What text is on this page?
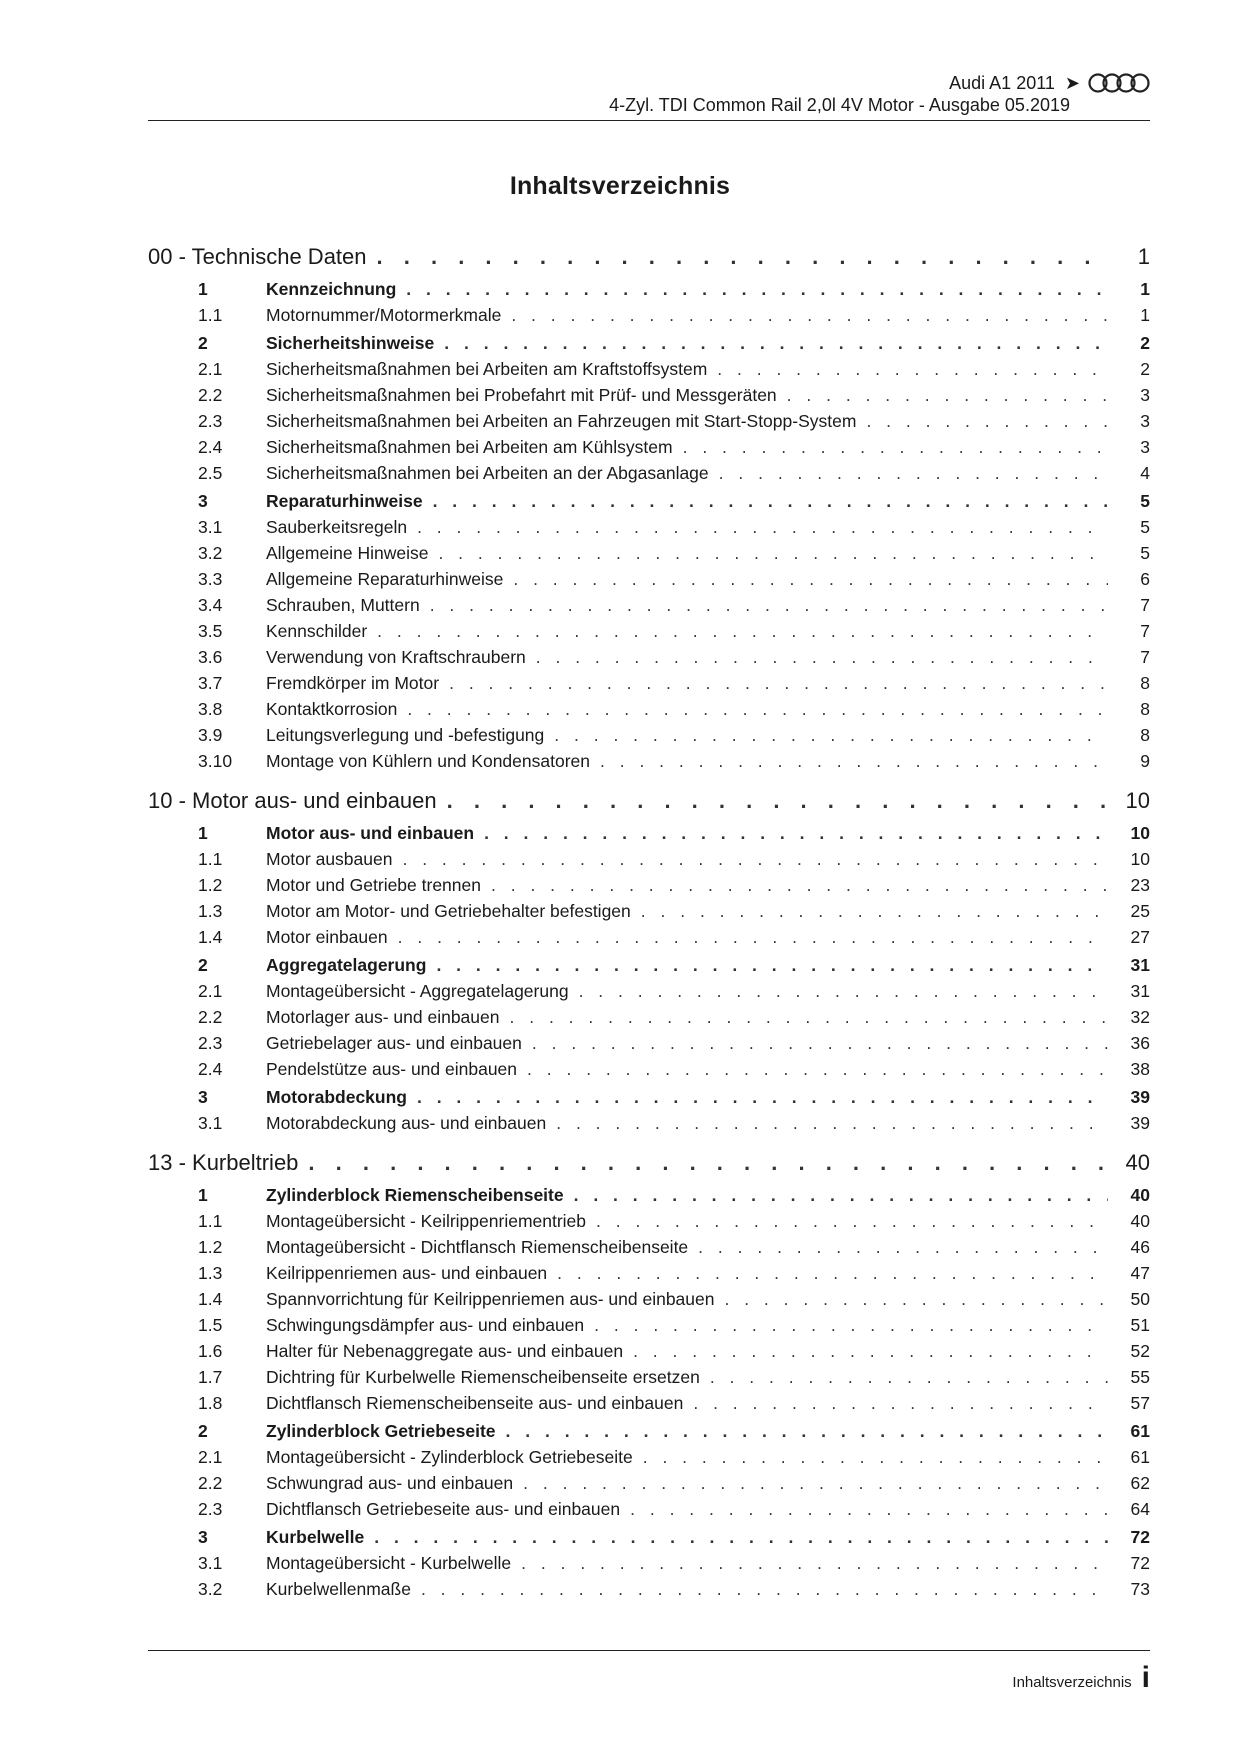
Audi A1 2011 ➤
4-Zyl. TDI Common Rail 2,0l 4V Motor - Ausgabe 05.2019
Inhaltsverzeichnis
00 - Technische Daten . . .	1
1	Kennzeichnung . . .	1
1.1	Motornummer/Motormerkmale . . .	1
2	Sicherheitshinweise . . .	2
2.1	Sicherheitsmaßnahmen bei Arbeiten am Kraftstoffsystem . . .	2
2.2	Sicherheitsmaßnahmen bei Probefahrt mit Prüf- und Messgeräten . . .	3
2.3	Sicherheitsmaßnahmen bei Arbeiten an Fahrzeugen mit Start-Stopp-System . . .	3
2.4	Sicherheitsmaßnahmen bei Arbeiten am Kühlsystem . . .	3
2.5	Sicherheitsmaßnahmen bei Arbeiten an der Abgasanlage . . .	4
3	Reparaturhinweise . . .	5
3.1	Sauberkeitsregeln . . .	5
3.2	Allgemeine Hinweise . . .	5
3.3	Allgemeine Reparaturhinweise . . .	6
3.4	Schrauben, Muttern . . .	7
3.5	Kennschilder . . .	7
3.6	Verwendung von Kraftschraubern . . .	7
3.7	Fremdkörper im Motor . . .	8
3.8	Kontaktkorrosion . . .	8
3.9	Leitungsverlegung und -befestigung . . .	8
3.10	Montage von Kühlern und Kondensatoren . . .	9
10 - Motor aus- und einbauen . . .	10
1	Motor aus- und einbauen . . .	10
1.1	Motor ausbauen . . .	10
1.2	Motor und Getriebe trennen . . .	23
1.3	Motor am Motor- und Getriebehalter befestigen . . .	25
1.4	Motor einbauen . . .	27
2	Aggregatelagerung . . .	31
2.1	Montageübersicht - Aggregatelagerung . . .	31
2.2	Motorlager aus- und einbauen . . .	32
2.3	Getriebelager aus- und einbauen . . .	36
2.4	Pendelstütze aus- und einbauen . . .	38
3	Motorabdeckung . . .	39
3.1	Motorabdeckung aus- und einbauen . . .	39
13 - Kurbeltrieb . . .	40
1	Zylinderblock Riemenscheibenseite . . .	40
1.1	Montageübersicht - Keilrippenriementrieb . . .	40
1.2	Montageübersicht - Dichtflansch Riemenscheibenseite . . .	46
1.3	Keilrippenriemen aus- und einbauen . . .	47
1.4	Spannvorrichtung für Keilrippenriemen aus- und einbauen . . .	50
1.5	Schwingungsdämpfer aus- und einbauen . . .	51
1.6	Halter für Nebenaggregate aus- und einbauen . . .	52
1.7	Dichtring für Kurbelwelle Riemenscheibenseite ersetzen . . .	55
1.8	Dichtflansch Riemenscheibenseite aus- und einbauen . . .	57
2	Zylinderblock Getriebeseite . . .	61
2.1	Montageübersicht - Zylinderblock Getriebeseite . . .	61
2.2	Schwungrad aus- und einbauen . . .	62
2.3	Dichtflansch Getriebeseite aus- und einbauen . . .	64
3	Kurbelwelle . . .	72
3.1	Montageübersicht - Kurbelwelle . . .	72
3.2	Kurbelwellenmaße . . .	73
Inhaltsverzeichnis i
